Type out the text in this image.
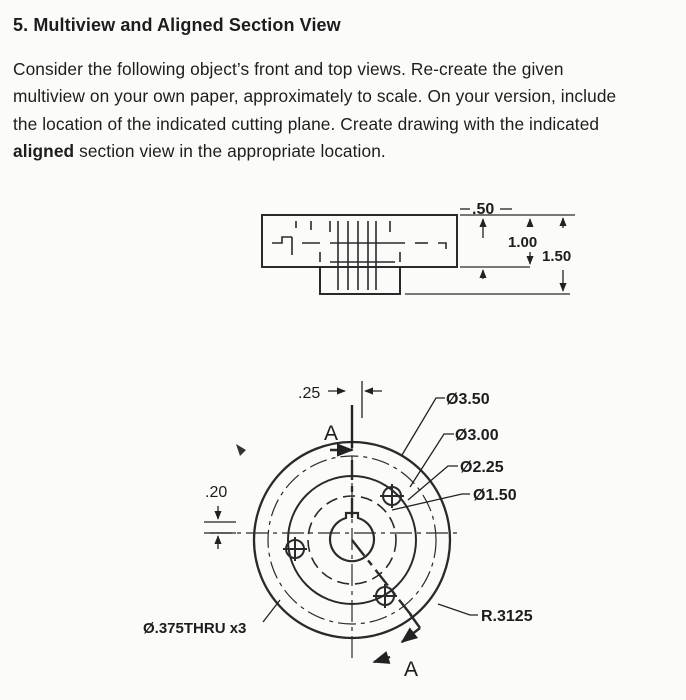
5. Multiview and Aligned Section View
Consider the following object’s front and top views. Re-create the given
multiview on your own paper, approximately to scale. On your version, include
the location of the indicated cutting plane. Create drawing with the indicated
aligned section view in the appropriate location.
.50
1.00
1.50
.25
A
A
.20
Ø3.50
Ø3.00
Ø2.25
Ø1.50
Ø.375THRU x3
R.3125
